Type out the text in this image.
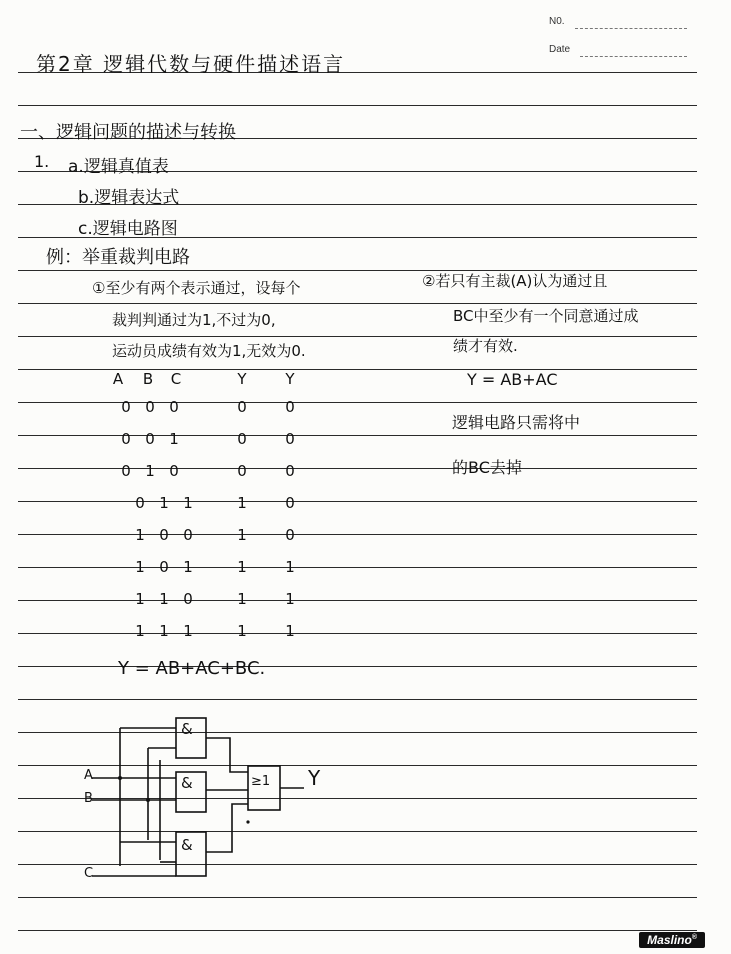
N0.
Date
第2章 逻辑代数与硬件描述语言
一、逻辑问题的描述与转换
1. a.逻辑真值表
b.逻辑表达式
c.逻辑电路图
例：举重裁判电路
①至少有两个表示通过，设每个
裁判判通过为1,不过为0,
运动员成绩有效为1,无效为0.
②若只有主裁(A)认为通过且
BC中至少有一个同意通过成
绩才有效.
Y = AB+AC
逻辑电路只需将中
的BC去掉
A	B	C	Y	Y
0 0 0	0	0
0 0 1	0	0
0 1 0	0	0
0 1 1	1	0
1 0 0	1	0
1 0 1	1	1
1 1 0	1	1
1 1 1	1	1
Y = AB+AC+BC.
&
&
&
≥1
A
B
C
Y
Maslino®
